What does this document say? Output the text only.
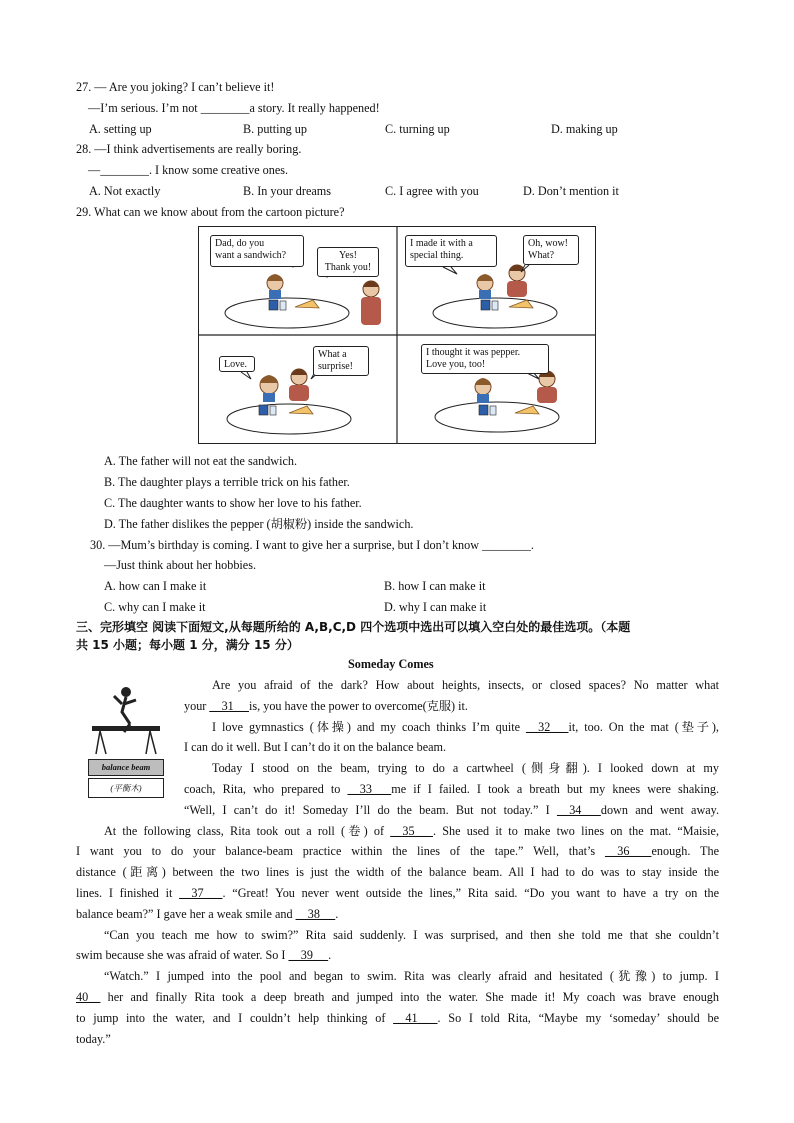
27. — Are you joking? I can’t believe it!
—I’m serious. I’m not ________a story. It really happened!
A. setting up	B. putting up	C. turning up	D. making up
28. —I think advertisements are really boring.
—________. I know some creative ones.
A. Not exactly	B. In your dreams	C. I agree with you	D. Don’t mention it
29. What can we know about from the cartoon picture?
Dad, do you
want a sandwich?	Yes!
Thank you!
I made it with a
special thing.
Oh, wow!
What?
Love.
What a
surprise!
I thought it was pepper.
Love you, too!
A. The father will not eat the sandwich.
B. The daughter plays a terrible trick on his father.
C. The daughter wants to show her love to his father.
D. The father dislikes the pepper (胡椒粉) inside the sandwich.
30. —Mum’s birthday is coming. I want to give her a surprise, but I don’t know ________.
—Just think about her hobbies.
A. how can I make it	B. how I can make it
C. why can I make it	D. why I can make it
三、完形填空 阅读下面短文,从每题所给的 A,B,C,D 四个选项中选出可以填入空白处的最佳选项。（本题
共 15 小题；每小题 1 分，满分 15 分）
Someday Comes
balance beam
(平衡木)
Are you afraid of the dark? How about heights, insects, or closed spaces? No matter what
your __31__ is, you have the power to overcome(克服) it.
I love gymnastics (体操) and my coach thinks I’m quite __32__ it, too. On the mat (垫子),
I can do it well. But I can’t do it on the balance beam.
Today I stood on the beam, trying to do a cartwheel (侧身翻). I looked down at my
coach, Rita, who prepared to __33__ me if I failed. I took a breath but my knees were shaking.
“Well, I can’t do it! Someday I’ll do the beam. But not today.” I __34__ down and went away.
At the following class, Rita took out a roll (卷) of __35__ . She used it to make two lines on the mat. “Maisie,
I want you to do your balance-beam practice within the lines of the tape.” Well, that’s __36__ enough. The
distance (距离) between the two lines is just the width of the balance beam. All I had to do was to stay inside the
lines. I finished it __37__ . “Great! You never went outside the lines,” Rita said. “Do you want to have a try on the
balance beam?” I gave her a weak smile and __38__ .
“Can you teach me how to swim?” Rita said suddenly. I was surprised, and then she told me that she couldn’t
swim because she was afraid of water. So I __39__ .
“Watch.” I jumped into the pool and began to swim. Rita was clearly afraid and hesitated (犹豫) to jump. I
40__ her and finally Rita took a deep breath and jumped into the water. She made it! My coach was brave enough
to jump into the water, and I couldn’t help thinking of __41__ . So I told Rita, “Maybe my ‘someday’ should be
today.”
